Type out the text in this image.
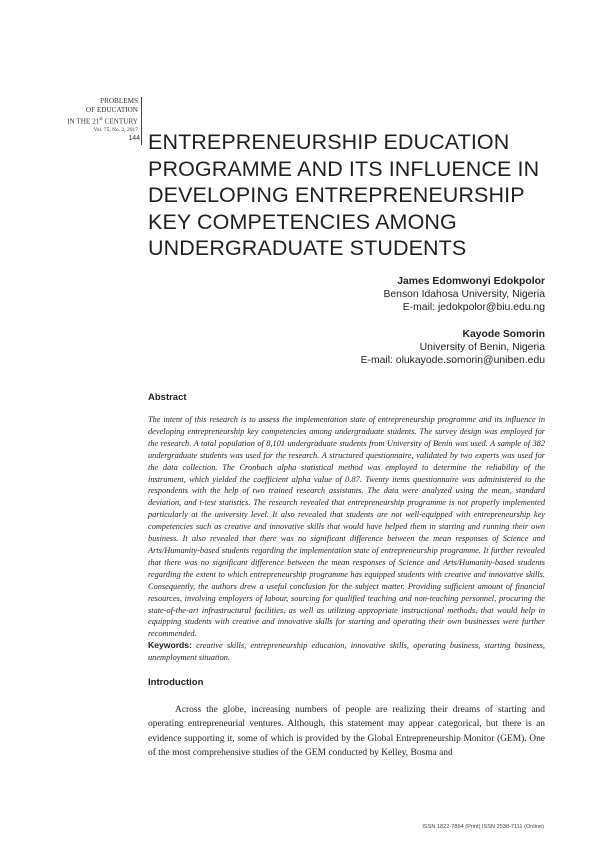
PROBLEMS
OF EDUCATION
IN THE 21st CENTURY
Vol. 75, No. 2, 2017
144 ENTREPRENEURSHIP EDUCATION
PROGRAMME AND ITS INFLUENCE IN
DEVELOPING ENTREPRENEURSHIP
KEY COMPETENCIES AMONG
UNDERGRADUATE STUDENTS
James Edomwonyi Edokpolor
Benson Idahosa University, Nigeria
E-mail: jedokpolor@biu.edu.ng
Kayode Somorin
University of Benin, Nigeria
E-mail: olukayode.somorin@uniben.edu
Abstract

The intent of this research is to assess the implementation state of entrepreneurship programme and its influence in developing entrepreneurship key competencies among undergraduate students. The survey design was employed for the research. A total population of 8,101 undergraduate students from University of Benin was used. A sample of 382 undergraduate students was used for the research. A structured questionnaire, validated by two experts was used for the data collection. The Cronbach alpha statistical method was employed to determine the reliability of the instrument, which yielded the coefficient alpha value of 0.87. Twenty items questionnaire was administered to the respondents with the help of two trained research assistants. The data were analyzed using the mean, standard deviation, and t-test statistics. The research revealed that entrepreneurship programme is not properly implemented particularly at the university level. It also revealed that students are not well-equipped with entrepreneurship key competencies such as creative and innovative skills that would have helped them in starting and running their own business. It also revealed that there was no significant difference between the mean responses of Science and Arts/Humanity-based students regarding the implementation state of entrepreneurship programme. It further revealed that there was no significant difference between the mean responses of Science and Arts/Humanity-based students regarding the extent to which entrepreneurship programme has equipped students with creative and innovative skills. Consequently, the authors drew a useful conclusion for the subject matter. Providing sufficient amount of financial resources, involving employers of labour, sourcing for qualified teaching and non-teaching personnel, procuring the state-of-the-art infrastructural facilities, as well as utilizing appropriate instructional methods, that would help in equipping students with creative and innovative skills for starting and operating their own businesses were further recommended.

Keywords: creative skills, entrepreneurship education, innovative skills, operating business, starting business, unemployment situation.

Introduction

Across the globe, increasing numbers of people are realizing their dreams of starting and operating entrepreneurial ventures. Although, this statement may appear categorical, but there is an evidence supporting it, some of which is provided by the Global Entrepreneurship Monitor (GEM). One of the most comprehensive studies of the GEM conducted by Kelley, Bosma and

ISSN 1822-7864 (Print) ISSN 2538-7111 (Online)
